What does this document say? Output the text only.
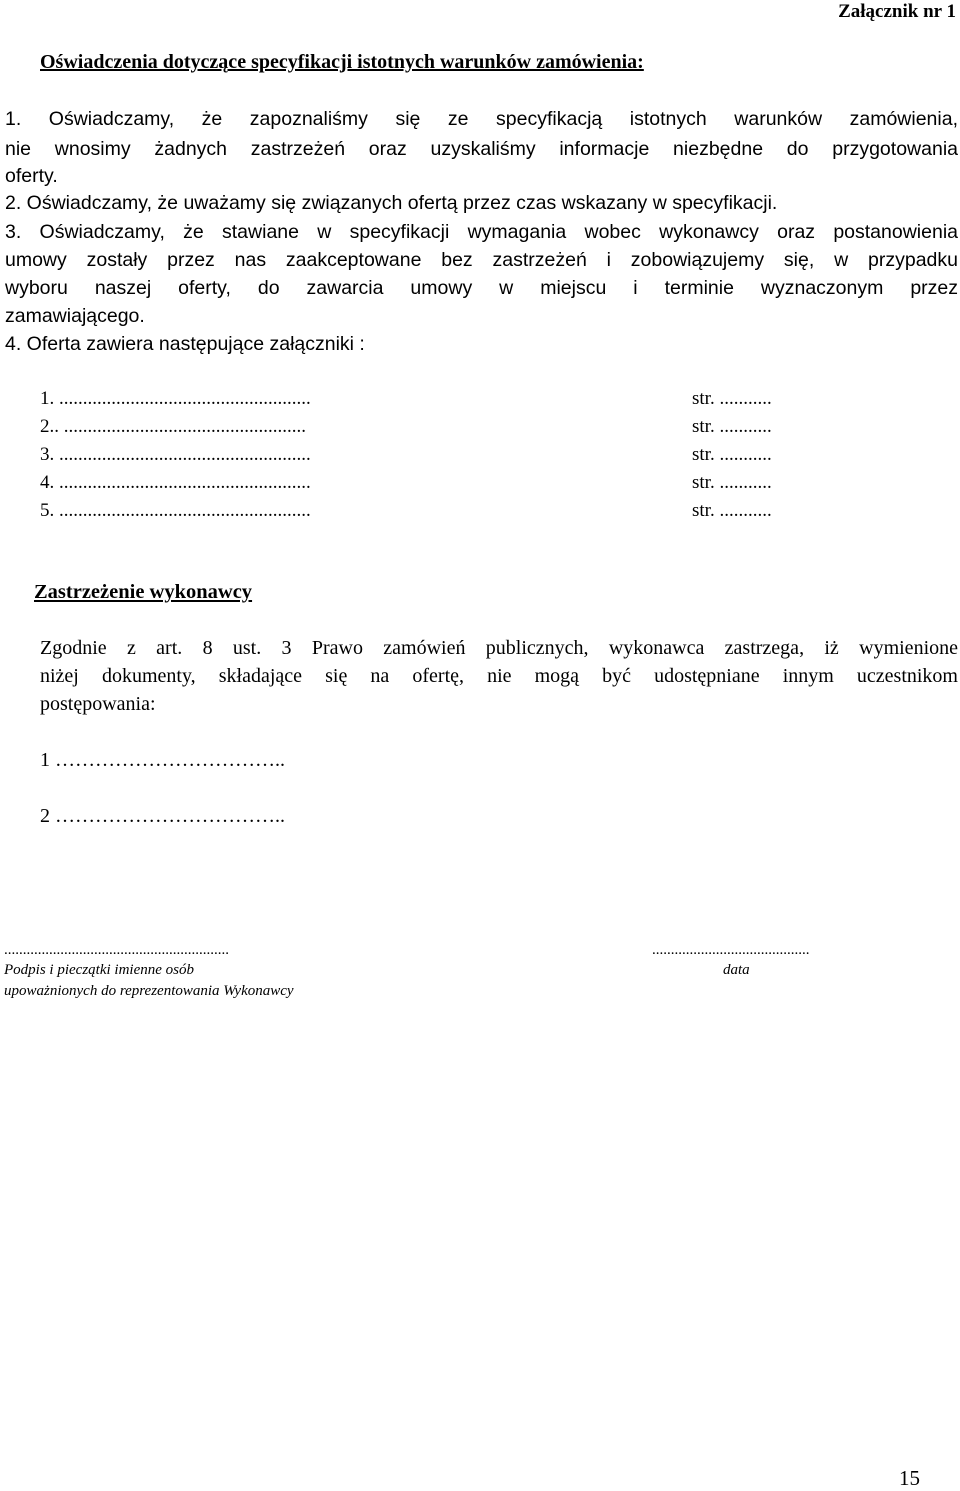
Załącznik nr 1
Oświadczenia dotyczące specyfikacji istotnych warunków zamówienia:
1. Oświadczamy, że zapoznaliśmy się ze specyfikacją istotnych warunków zamówienia,
nie wnosimy żadnych zastrzeżeń oraz uzyskaliśmy informacje niezbędne do przygotowania
oferty.
2. Oświadczamy, że uważamy się związanych ofertą przez czas wskazany w specyfikacji.
3. Oświadczamy, że stawiane w specyfikacji wymagania wobec wykonawcy oraz postanowienia
umowy zostały przez nas zaakceptowane bez zastrzeżeń i zobowiązujemy się, w przypadku
wyboru naszej oferty, do zawarcia umowy w miejscu i terminie wyznaczonym przez
zamawiającego.
4. Oferta zawiera następujące załączniki :
1. .....................................................	str. ...........
2.. ...................................................	str. ...........
3. .....................................................	str. ...........
4. .....................................................	str. ...........
5. .....................................................	str. ...........
Zastrzeżenie wykonawcy
Zgodnie z art. 8 ust. 3 Prawo zamówień publicznych, wykonawca zastrzega, iż wymienione
niżej dokumenty, składające się na ofertę, nie mogą być udostępniane innym uczestnikom
postępowania:
1 ……………………………..
2 ……………………………..
............................................................	..........................................
Podpis i pieczątki imienne osób
upoważnionych do reprezentowania Wykonawcy
data
15
